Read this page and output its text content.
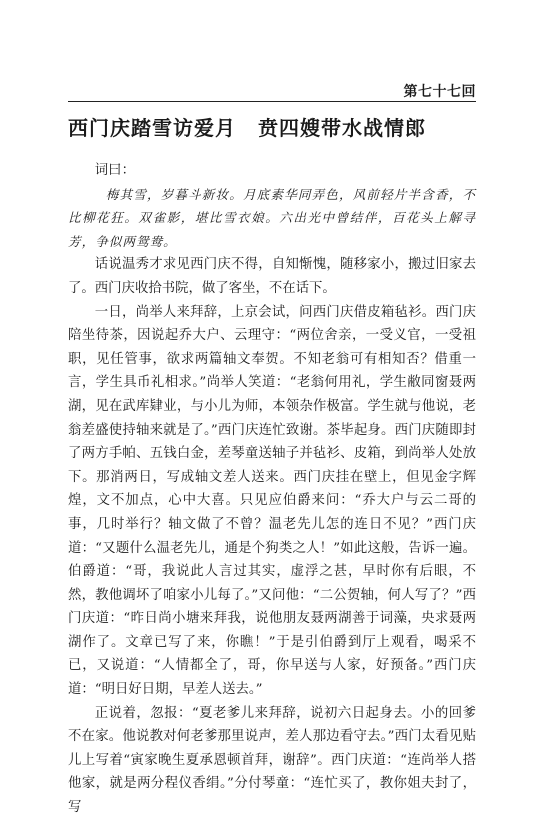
第七十七回
西门庆踏雪访爱月 贲四嫂带水战情郎

词曰：

梅其雪，岁暮斗新妆。月底素华同弄色，风前轻片半含香，不比柳花狂。双雀影，堪比雪衣娘。六出光中曾结伴，百花头上解寻芳，争似两鸳鸯。

话说温秀才求见西门庆不得，自知惭愧，随移家小，搬过旧家去了。西门庆收拾书院，做了客坐，不在话下。

一日，尚举人来拜辞，上京会试，问西门庆借皮箱毡衫。西门庆陪坐待茶，因说起乔大户、云理守：“两位舍亲，一受义官，一受祖职，见任管事，欲求两篇轴文奉贺。不知老翁可有相知否？借重一言，学生具币礼相求。”尚举人笑道：“老翁何用礼，学生敝同窗聂两湖，见在武库肄业，与小儿为师，本领杂作极富。学生就与他说，老翁差盛使持轴来就是了。”西门庆连忙致谢。茶毕起身。西门庆随即封了两方手帕、五钱白金，差琴童送轴子并毡衫、皮箱，到尚举人处放下。那消两日，写成轴文差人送来。西门庆挂在壁上，但见金字辉煌，文不加点，心中大喜。只见应伯爵来问：“乔大户与云二哥的事，几时举行？轴文做了不曾？温老先儿怎的连日不见？”西门庆道：“又题什么温老先儿，通是个狗类之人！”如此这般，告诉一遍。伯爵道：“哥，我说此人言过其实，虚浮之甚，早时你有后眼，不然，教他调坏了咱家小儿每了。”又问他：“二公贺轴，何人写了？”西门庆道：“昨日尚小塘来拜我，说他朋友聂两湖善于词藻，央求聂两湖作了。文章已写了来，你瞧！”于是引伯爵到厅上观看，喝采不已，又说道：“人情都全了，哥，你早送与人家，好预备。”西门庆道：“明日好日期，早差人送去。”

正说着，忽报：“夏老爹儿来拜辞，说初六日起身去。小的回爹不在家。他说教对何老爹那里说声，差人那边看守去。”西门太看见贴儿上写着“寅家晚生夏承恩顿首拜，谢辞”。西门庆道：“连尚举人搭他家，就是两分程仪香绢。”分付琴童：“连忙买了，教你姐夫封了，写
